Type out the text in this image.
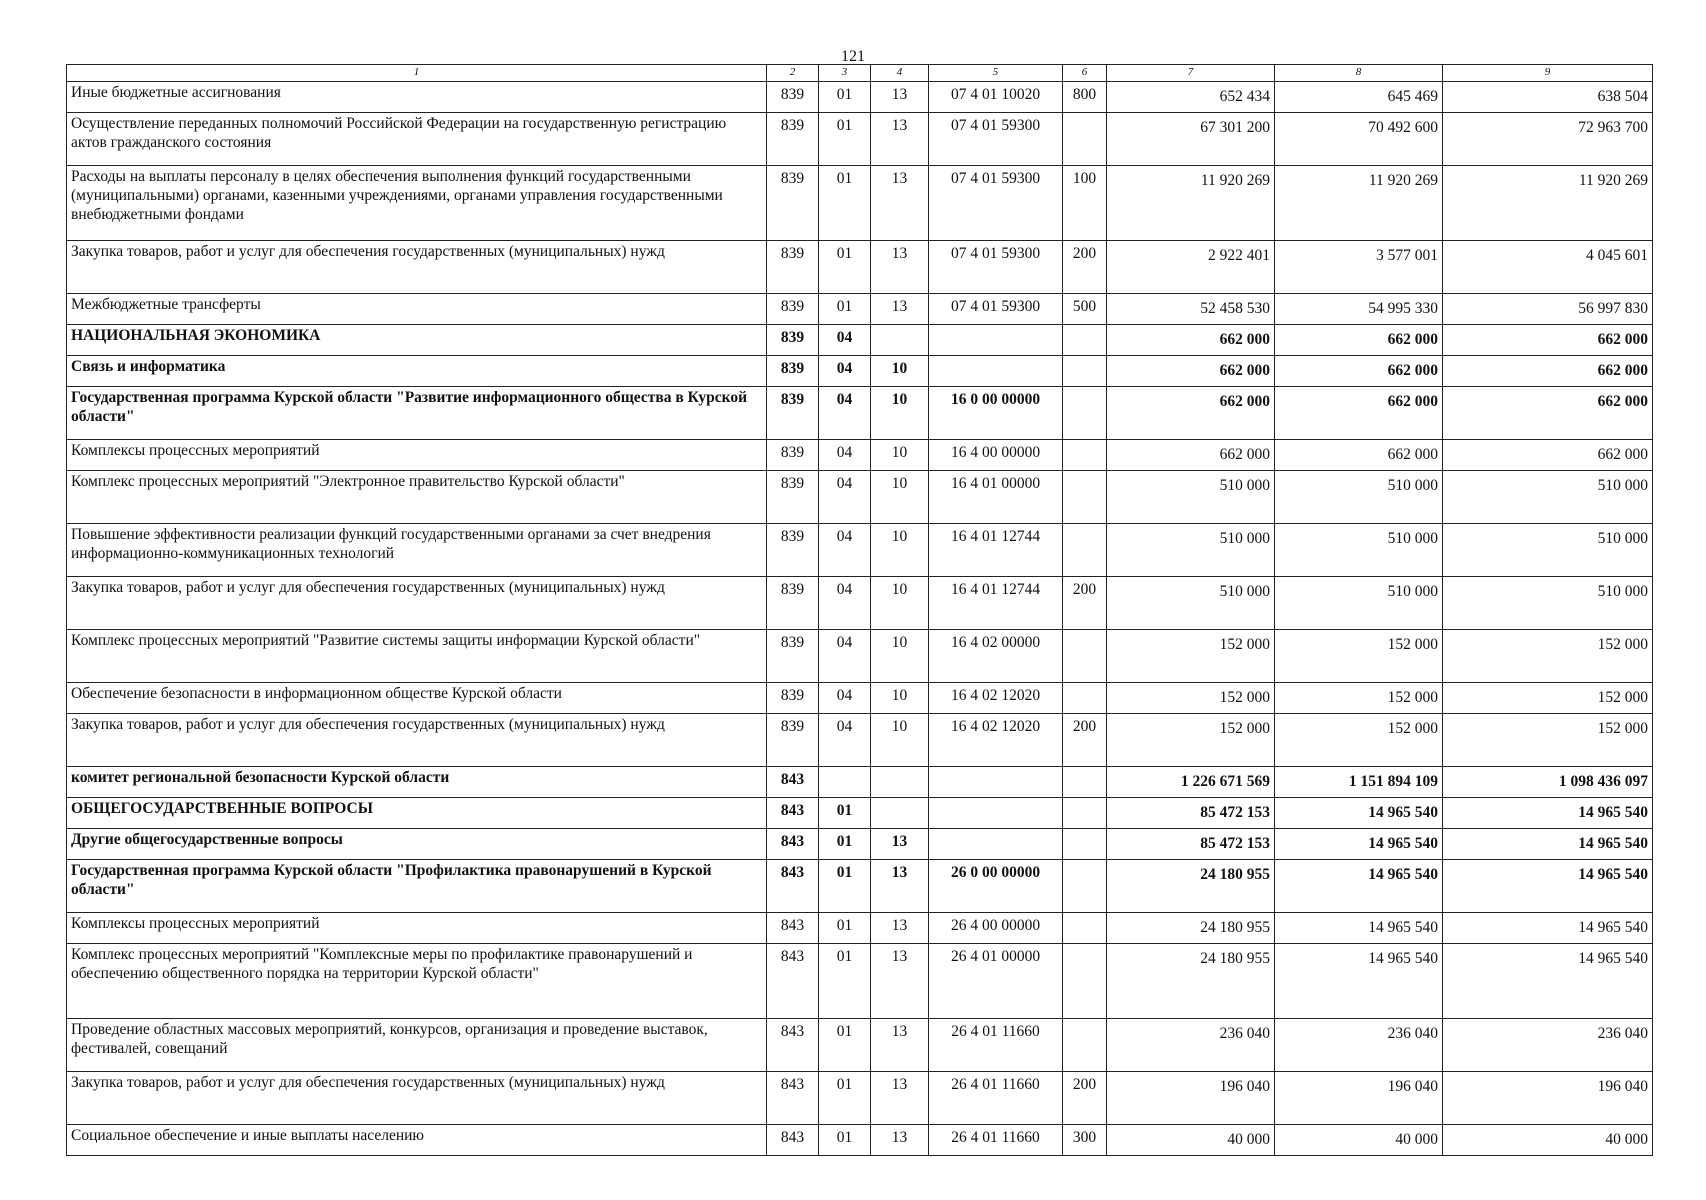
121
1	2	3	4	5	6	7	8	9
Иные бюджетные ассигнования	839	01	13	07 4 01 10020	800	652 434	645 469	638 504
Осуществление переданных полномочий Российской Федерации на государственную регистрацию актов гражданского состояния	839	01	13	07 4 01 59300		67 301 200	70 492 600	72 963 700
Расходы на выплаты персоналу в целях обеспечения выполнения функций государственными (муниципальными) органами, казенными учреждениями, органами управления государственными внебюджетными фондами	839	01	13	07 4 01 59300	100	11 920 269	11 920 269	11 920 269
Закупка товаров, работ и услуг для обеспечения государственных (муниципальных) нужд	839	01	13	07 4 01 59300	200	2 922 401	3 577 001	4 045 601
Межбюджетные трансферты	839	01	13	07 4 01 59300	500	52 458 530	54 995 330	56 997 830
НАЦИОНАЛЬНАЯ ЭКОНОМИКА	839	04				662 000	662 000	662 000
Связь и информатика	839	04	10			662 000	662 000	662 000
Государственная программа Курской области "Развитие информационного общества в Курской области"	839	04	10	16 0 00 00000		662 000	662 000	662 000
Комплексы процессных мероприятий	839	04	10	16 4 00 00000		662 000	662 000	662 000
Комплекс процессных мероприятий "Электронное правительство Курской области"	839	04	10	16 4 01 00000		510 000	510 000	510 000
Повышение эффективности реализации функций государственными органами за счет внедрения информационно-коммуникационных технологий	839	04	10	16 4 01 12744		510 000	510 000	510 000
Закупка товаров, работ и услуг для обеспечения государственных (муниципальных) нужд	839	04	10	16 4 01 12744	200	510 000	510 000	510 000
Комплекс процессных мероприятий "Развитие системы защиты информации Курской области"	839	04	10	16 4 02 00000		152 000	152 000	152 000
Обеспечение безопасности в информационном обществе Курской области	839	04	10	16 4 02 12020		152 000	152 000	152 000
Закупка товаров, работ и услуг для обеспечения государственных (муниципальных) нужд	839	04	10	16 4 02 12020	200	152 000	152 000	152 000
комитет региональной безопасности Курской области	843					1 226 671 569	1 151 894 109	1 098 436 097
ОБЩЕГОСУДАРСТВЕННЫЕ ВОПРОСЫ	843	01				85 472 153	14 965 540	14 965 540
Другие общегосударственные вопросы	843	01	13			85 472 153	14 965 540	14 965 540
Государственная программа Курской области "Профилактика правонарушений в Курской области"	843	01	13	26 0 00 00000		24 180 955	14 965 540	14 965 540
Комплексы процессных мероприятий	843	01	13	26 4 00 00000		24 180 955	14 965 540	14 965 540
Комплекс процессных мероприятий "Комплексные меры по профилактике правонарушений и обеспечению общественного порядка на территории Курской области"	843	01	13	26 4 01 00000		24 180 955	14 965 540	14 965 540
Проведение областных массовых мероприятий, конкурсов, организация и проведение выставок, фестивалей, совещаний	843	01	13	26 4 01 11660		236 040	236 040	236 040
Закупка товаров, работ и услуг для обеспечения государственных (муниципальных) нужд	843	01	13	26 4 01 11660	200	196 040	196 040	196 040
Социальное обеспечение и иные выплаты населению	843	01	13	26 4 01 11660	300	40 000	40 000	40 000
